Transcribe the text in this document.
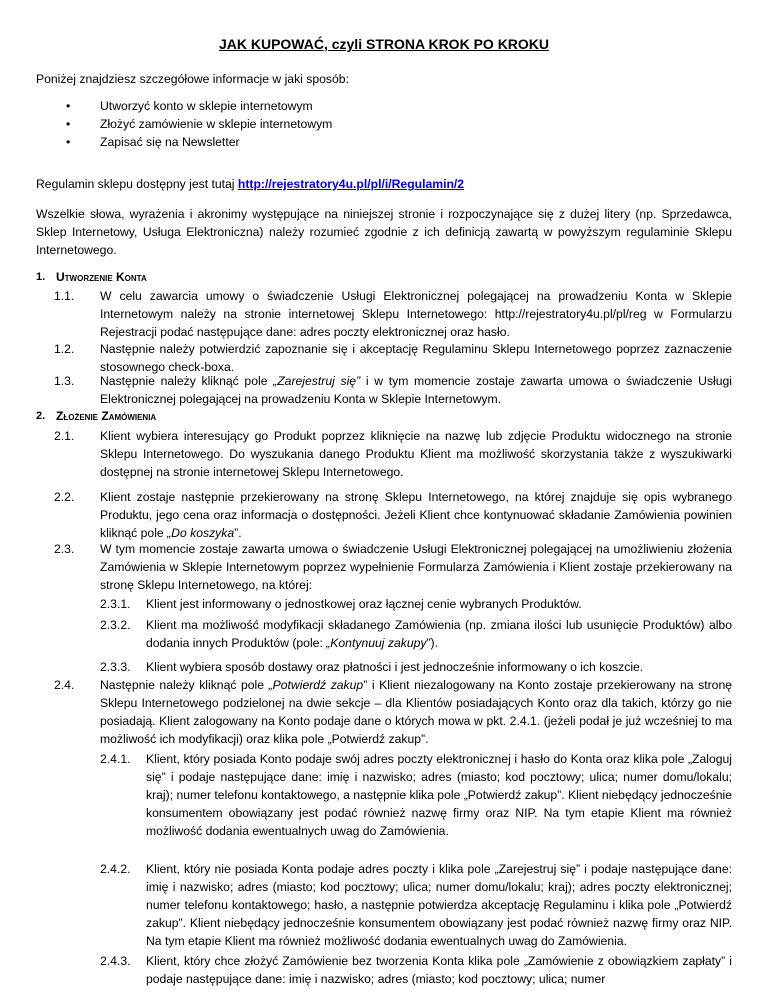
JAK KUPOWAĆ, czyli STRONA KROK PO KROKU
Poniżej znajdziesz szczegółowe informacje w jaki sposób:
• Utworzyć konto w sklepie internetowym
• Złożyć zamówienie w sklepie internetowym
• Zapisać się na Newsletter
Regulamin sklepu dostępny jest tutaj http://rejestratory4u.pl/pl/i/Regulamin/2
Wszelkie słowa, wyrażenia i akronimy występujące na niniejszej stronie i rozpoczynające się z dużej litery (np. Sprzedawca, Sklep Internetowy, Usługa Elektroniczna) należy rozumieć zgodnie z ich definicją zawartą w powyższym regulaminie Sklepu Internetowego.
1. Utworzenie Konta
1.1. W celu zawarcia umowy o świadczenie Usługi Elektronicznej polegającej na prowadzeniu Konta w Sklepie Internetowym należy na stronie internetowej Sklepu Internetowego: http://rejestratory4u.pl/pl/reg w Formularzu Rejestracji podać następujące dane: adres poczty elektronicznej oraz hasło.
1.2. Następnie należy potwierdzić zapoznanie się i akceptację Regulaminu Sklepu Internetowego poprzez zaznaczenie stosownego check-boxa.
1.3. Następnie należy kliknąć pole „Zarejestruj się” i w tym momencie zostaje zawarta umowa o świadczenie Usługi Elektronicznej polegającej na prowadzeniu Konta w Sklepie Internetowym.
2. Złożenie Zamówienia
2.1. Klient wybiera interesujący go Produkt poprzez kliknięcie na nazwę lub zdjęcie Produktu widocznego na stronie Sklepu Internetowego. Do wyszukania danego Produktu Klient ma możliwość skorzystania także z wyszukiwarki dostępnej na stronie internetowej Sklepu Internetowego.
2.2. Klient zostaje następnie przekierowany na stronę Sklepu Internetowego, na której znajduje się opis wybranego Produktu, jego cena oraz informacja o dostępności. Jeżeli Klient chce kontynuować składanie Zamówienia powinien kliknąć pole „Do koszyka”.
2.3. W tym momencie zostaje zawarta umowa o świadczenie Usługi Elektronicznej polegającej na umożliwieniu złożenia Zamówienia w Sklepie Internetowym poprzez wypełnienie Formularza Zamówienia i Klient zostaje przekierowany na stronę Sklepu Internetowego, na której:
2.3.1. Klient jest informowany o jednostkowej oraz łącznej cenie wybranych Produktów.
2.3.2. Klient ma możliwość modyfikacji składanego Zamówienia (np. zmiana ilości lub usunięcie Produktów) albo dodania innych Produktów (pole: „Kontynuuj zakupy”).
2.3.3. Klient wybiera sposób dostawy oraz płatności i jest jednocześnie informowany o ich koszcie.
2.4. Następnie należy kliknąć pole „Potwierdź zakup” i Klient niezalogowany na Konto zostaje przekierowany na stronę Sklepu Internetowego podzielonej na dwie sekcje – dla Klientów posiadających Konto oraz dla takich, którzy go nie posiadają. Klient zalogowany na Konto podaje dane o których mowa w pkt. 2.4.1. (jeżeli podał je już wcześniej to ma możliwość ich modyfikacji) oraz klika pole „Potwierdź zakup”.
2.4.1. Klient, który posiada Konto podaje swój adres poczty elektronicznej i hasło do Konta oraz klika pole „Zaloguj się” i podaje następujące dane: imię i nazwisko; adres (miasto; kod pocztowy; ulica; numer domu/lokalu; kraj); numer telefonu kontaktowego, a następnie klika pole „Potwierdź zakup”. Klient niebędący jednocześnie konsumentem obowiązany jest podać również nazwę firmy oraz NIP. Na tym etapie Klient ma również możliwość dodania ewentualnych uwag do Zamówienia.
2.4.2. Klient, który nie posiada Konta podaje adres poczty i klika pole „Zarejestruj się” i podaje następujące dane: imię i nazwisko; adres (miasto; kod pocztowy; ulica; numer domu/lokalu; kraj); adres poczty elektronicznej; numer telefonu kontaktowego; hasło, a następnie potwierdza akceptację Regulaminu i klika pole „Potwierdź zakup”. Klient niebędący jednocześnie konsumentem obowiązany jest podać również nazwę firmy oraz NIP. Na tym etapie Klient ma również możliwość dodania ewentualnych uwag do Zamówienia.
2.4.3. Klient, który chce złożyć Zamówienie bez tworzenia Konta klika pole „Zamówienie z obowiązkiem zapłaty” i podaje następujące dane: imię i nazwisko; adres (miasto; kod pocztowy; ulica; numer
